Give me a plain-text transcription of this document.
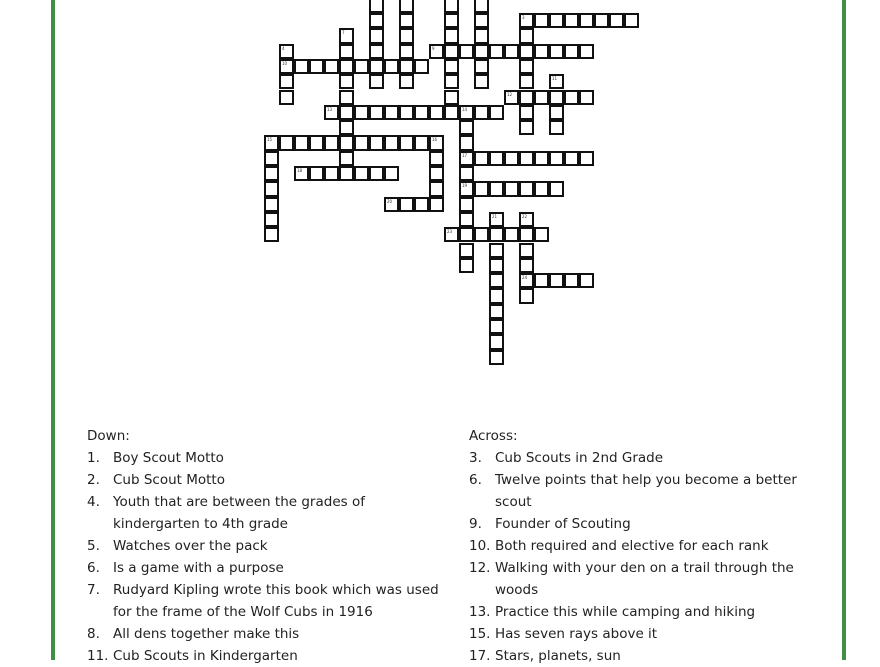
3
9
10
12
13	14
15	16
17
18
19
20
23
24
7
4
11
21	22
Down:
1. Boy Scout Motto
2. Cub Scout Motto
4. Youth that are between the grades of kindergarten to 4th grade
5. Watches over the pack
6. Is a game with a purpose
7. Rudyard Kipling wrote this book which was used for the frame of the Wolf Cubs in 1916
8. All dens together make this
11. Cub Scouts in Kindergarten
Across:
3. Cub Scouts in 2nd Grade
6. Twelve points that help you become a better scout
9. Founder of Scouting
10. Both required and elective for each rank
12. Walking with your den on a trail through the woods
13. Practice this while camping and hiking
15. Has seven rays above it
17. Stars, planets, sun
